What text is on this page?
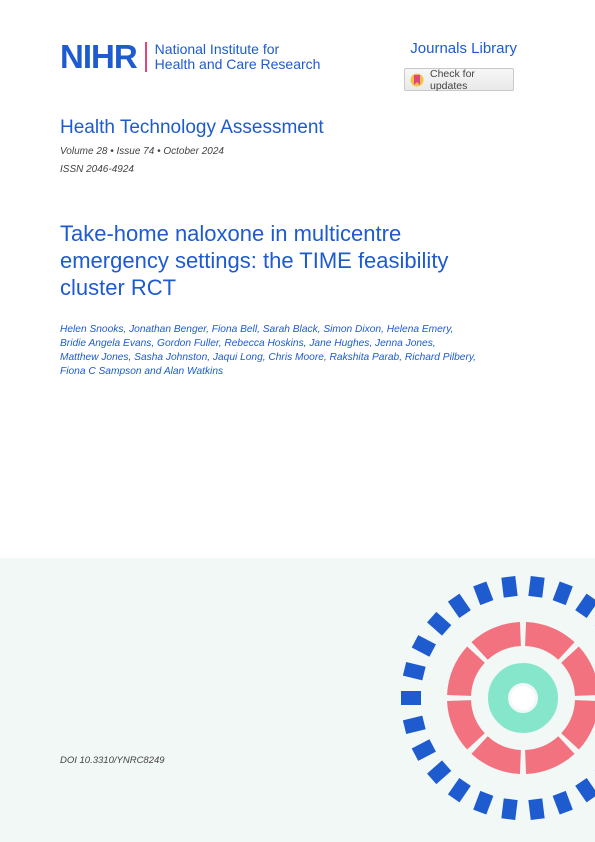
NIHR National Institute for
Health and Care Research
Journals Library
Check for updates
Health Technology Assessment
Volume 28 • Issue 74 • October 2024
ISSN 2046-4924
Take-home naloxone in multicentre emergency settings: the TIME feasibility cluster RCT
Helen Snooks, Jonathan Benger, Fiona Bell, Sarah Black, Simon Dixon, Helena Emery,
Bridie Angela Evans, Gordon Fuller, Rebecca Hoskins, Jane Hughes, Jenna Jones,
Matthew Jones, Sasha Johnston, Jaqui Long, Chris Moore, Rakshita Parab, Richard Pilbery,
Fiona C Sampson and Alan Watkins
DOI 10.3310/YNRC8249
